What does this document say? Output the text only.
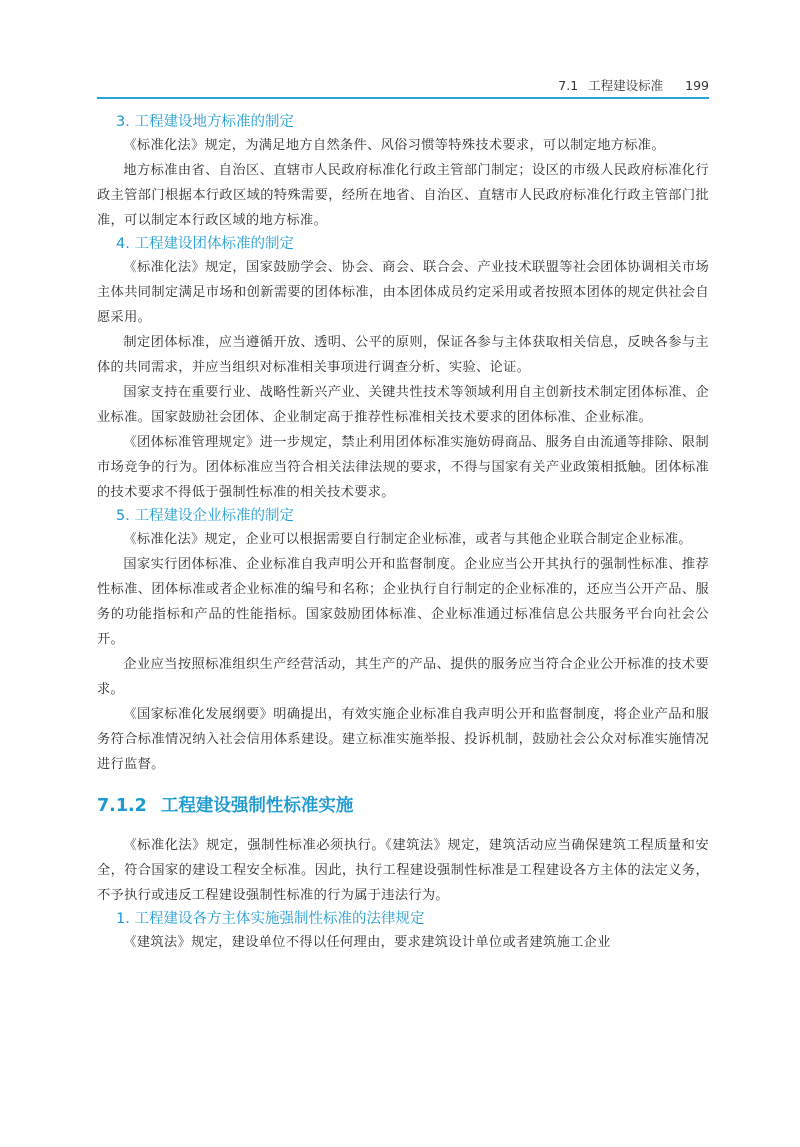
7.1 工程建设标准 199
3. 工程建设地方标准的制定

《标准化法》规定，为满足地方自然条件、风俗习惯等特殊技术要求，可以制定地方标准。

地方标准由省、自治区、直辖市人民政府标准化行政主管部门制定；设区的市级人民政府标准化行政主管部门根据本行政区域的特殊需要，经所在地省、自治区、直辖市人民政府标准化行政主管部门批准，可以制定本行政区域的地方标准。

4. 工程建设团体标准的制定

《标准化法》规定，国家鼓励学会、协会、商会、联合会、产业技术联盟等社会团体协调相关市场主体共同制定满足市场和创新需要的团体标准，由本团体成员约定采用或者按照本团体的规定供社会自愿采用。

制定团体标准，应当遵循开放、透明、公平的原则，保证各参与主体获取相关信息，反映各参与主体的共同需求，并应当组织对标准相关事项进行调查分析、实验、论证。

国家支持在重要行业、战略性新兴产业、关键共性技术等领域利用自主创新技术制定团体标准、企业标准。国家鼓励社会团体、企业制定高于推荐性标准相关技术要求的团体标准、企业标准。

《团体标准管理规定》进一步规定，禁止利用团体标准实施妨碍商品、服务自由流通等排除、限制市场竞争的行为。团体标准应当符合相关法律法规的要求，不得与国家有关产业政策相抵触。团体标准的技术要求不得低于强制性标准的相关技术要求。

5. 工程建设企业标准的制定

《标准化法》规定，企业可以根据需要自行制定企业标准，或者与其他企业联合制定企业标准。

国家实行团体标准、企业标准自我声明公开和监督制度。企业应当公开其执行的强制性标准、推荐性标准、团体标准或者企业标准的编号和名称；企业执行自行制定的企业标准的，还应当公开产品、服务的功能指标和产品的性能指标。国家鼓励团体标准、企业标准通过标准信息公共服务平台向社会公开。

企业应当按照标准组织生产经营活动，其生产的产品、提供的服务应当符合企业公开标准的技术要求。

《国家标准化发展纲要》明确提出，有效实施企业标准自我声明公开和监督制度，将企业产品和服务符合标准情况纳入社会信用体系建设。建立标准实施举报、投诉机制，鼓励社会公众对标准实施情况进行监督。

7.1.2 工程建设强制性标准实施

《标准化法》规定，强制性标准必须执行。《建筑法》规定，建筑活动应当确保建筑工程质量和安全，符合国家的建设工程安全标准。因此，执行工程建设强制性标准是工程建设各方主体的法定义务，不予执行或违反工程建设强制性标准的行为属于违法行为。

1. 工程建设各方主体实施强制性标准的法律规定

《建筑法》规定，建设单位不得以任何理由，要求建筑设计单位或者建筑施工企业
